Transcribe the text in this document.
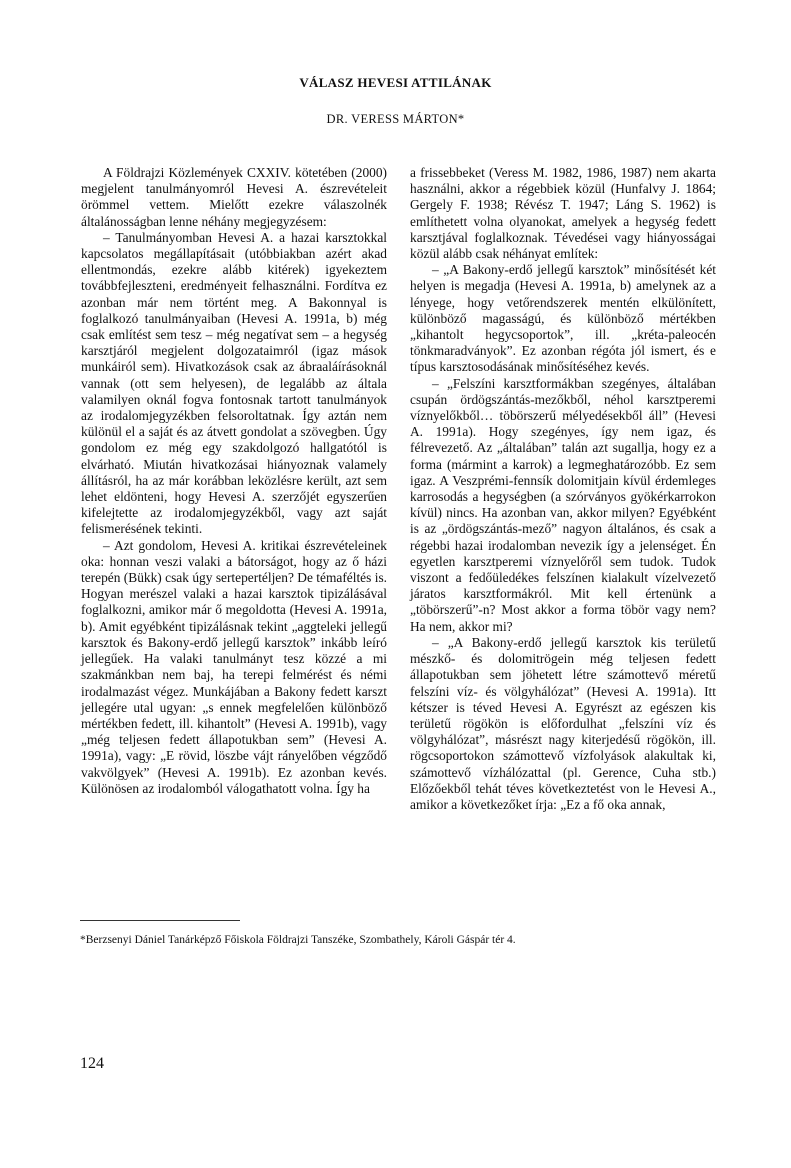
VÁLASZ HEVESI ATTILÁNAK
DR. VERESS MÁRTON*

A Földrajzi Közlemények CXXIV. kötetében (2000) megjelent tanulmányomról Hevesi A. észrevételeit örömmel vettem. Mielőtt ezekre válaszolnék általánosságban lenne néhány megjegyzésem:

– Tanulmányomban Hevesi A. a hazai karsztokkal kapcsolatos megállapításait (utóbbiakban azért akad ellentmondás, ezekre alább kitérek) igyekeztem továbbfejleszteni, eredményeit felhasználni. Fordítva ez azonban már nem történt meg. A Bakonnyal is foglalkozó tanulmányaiban (Hevesi A. 1991a, b) még csak említést sem tesz – még negatívat sem – a hegység karsztjáról megjelent dolgozataimról (igaz mások munkáiról sem). Hivatkozások csak az ábraaláírásoknál vannak (ott sem helyesen), de legalább az általa valamilyen oknál fogva fontosnak tartott tanulmányok az irodalomjegyzékben felsoroltatnak. Így aztán nem különül el a saját és az átvett gondolat a szövegben. Úgy gondolom ez még egy szakdolgozó hallgatótól is elvárható. Miután hivatkozásai hiányoznak valamely állításról, ha az már korábban leközlésre került, azt sem lehet eldönteni, hogy Hevesi A. szerzőjét egyszerűen kifelejtette az irodalomjegyzékből, vagy azt saját felismerésének tekinti.

– Azt gondolom, Hevesi A. kritikai észrevételeinek oka: honnan veszi valaki a bátorságot, hogy az ő házi terepén (Bükk) csak úgy sertepertéljen? De témaféltés is. Hogyan merészel valaki a hazai karsztok tipizálásával foglalkozni, amikor már ő megoldotta (Hevesi A. 1991a, b). Amit egyébként tipizálásnak tekint „aggteleki jellegű karsztok és Bakony-erdő jellegű karsztok” inkább leíró jellegűek. Ha valaki tanulmányt tesz közzé a mi szakmánkban nem baj, ha terepi felmérést és némi irodalmazást végez. Munkájában a Bakony fedett karszt jellegére utal ugyan: „s ennek megfelelően különböző mértékben fedett, ill. kihantolt” (Hevesi A. 1991b), vagy „még teljesen fedett állapotukban sem” (Hevesi A. 1991a), vagy: „E rövid, löszbe vájt rányelőben végződő vakvölgyek” (Hevesi A. 1991b). Ez azonban kevés. Különösen az irodalomból válogathatott volna. Így ha

a frissebbeket (Veress M. 1982, 1986, 1987) nem akarta használni, akkor a régebbiek közül (Hunfalvy J. 1864; Gergely F. 1938; Révész T. 1947; Láng S. 1962) is említhetett volna olyanokat, amelyek a hegység fedett karsztjával foglalkoznak. Tévedései vagy hiányosságai közül alább csak néhányat említek:

– „A Bakony-erdő jellegű karsztok” minősítését két helyen is megadja (Hevesi A. 1991a, b) amelynek az a lényege, hogy vetőrendszerek mentén elkülönített, különböző magasságú, és különböző mértékben „kihantolt hegycsoportok”, ill. „kréta-paleocén tönkmaradványok”. Ez azonban régóta jól ismert, és e típus karsztosodásának minősítéséhez kevés.

– „Felszíni karsztformákban szegényes, általában csupán ördögszántás-mezőkből, néhol karsztperemi víznyelőkből… töbörszerű mélyedésekből áll” (Hevesi A. 1991a). Hogy szegényes, így nem igaz, és félrevezető. Az „általában” talán azt sugallja, hogy ez a forma (mármint a karrok) a legmeghatározóbb. Ez sem igaz. A Veszprémi-fennsík dolomitjain kívül érdemleges karrosodás a hegységben (a szórványos gyökérkarrokon kívül) nincs. Ha azonban van, akkor milyen? Egyébként is az „ördögszántás-mező” nagyon általános, és csak a régebbi hazai irodalomban nevezik így a jelenséget. Én egyetlen karsztperemi víznyelőről sem tudok. Tudok viszont a fedőüledékes felszínen kialakult vízelvezető járatos karsztformákról. Mit kell értenünk a „töbörszerű”-n? Most akkor a forma töbör vagy nem? Ha nem, akkor mi?

– „A Bakony-erdő jellegű karsztok kis területű mészkő- és dolomitrögein még teljesen fedett állapotukban sem jöhetett létre számottevő méretű felszíni víz- és völgyhálózat” (Hevesi A. 1991a). Itt kétszer is téved Hevesi A. Egyrészt az egészen kis területű rögökön is előfordulhat „felszíni víz és völgyhálózat”, másrészt nagy kiterjedésű rögökön, ill. rögcsoportokon számottevő vízfolyások alakultak ki, számottevő vízhálózattal (pl. Gerence, Cuha stb.) Előzőekből tehát téves következtetést von le Hevesi A., amikor a következőket írja: „Ez a fő oka annak,

*Berzsenyi Dániel Tanárképző Főiskola Földrajzi Tanszéke, Szombathely, Károli Gáspár tér 4.
124
